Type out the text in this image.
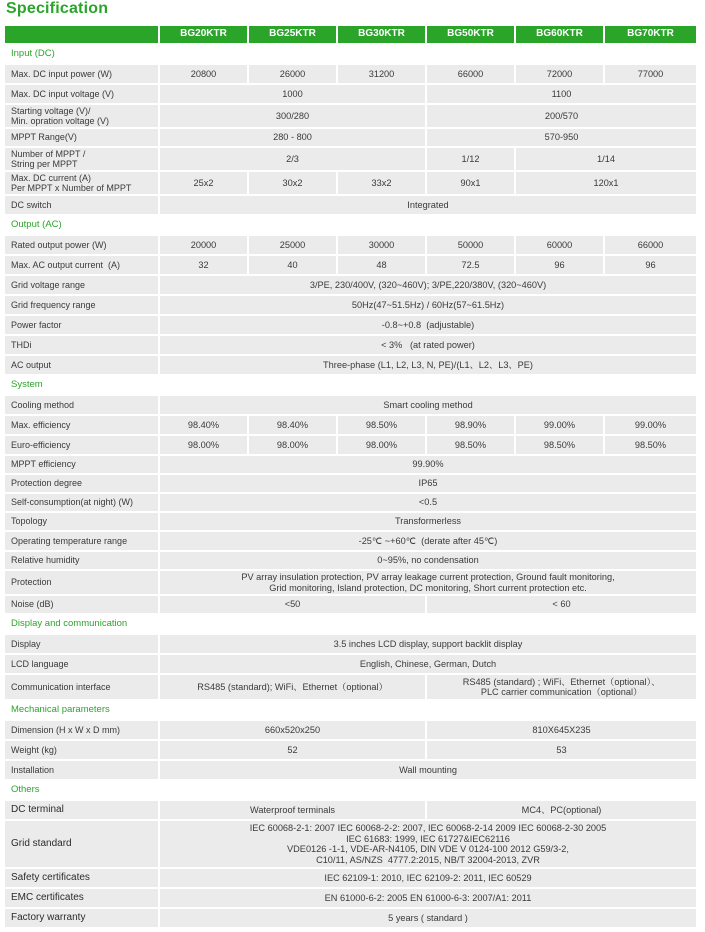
Specification
	BG20KTR	BG25KTR	BG30KTR	BG50KTR	BG60KTR	BG70KTR
Input (DC)						
Max. DC input power (W)	20800	26000	31200	66000	72000	77000
Max. DC input voltage (V)	1000			1100		
Starting voltage (V)/
Min. opration voltage (V)	300/280			200/570		
MPPT Range(V)	280 - 800			570-950		
Number of MPPT /
String per MPPT	2/3			1/12	1/14	
Max. DC current (A)
Per MPPT x Number of MPPT	25x2	30x2	33x2	90x1	120x1	
DC switch	Integrated					
Output (AC)						
Rated output power (W)	20000	25000	30000	50000	60000	66000
Max. AC output current  (A)	32	40	48	72.5	96	96
Grid voltage range	3/PE, 230/400V, (320~460V); 3/PE,220/380V, (320~460V)					
Grid frequency range	50Hz(47~51.5Hz) / 60Hz(57~61.5Hz)					
Power factor	-0.8~+0.8  (adjustable)					
THDi	< 3%   (at rated power)					
AC output	Three-phase (L1, L2, L3, N, PE)/(L1、L2、L3、PE)					
System						
Cooling method	Smart cooling method					
Max. efficiency	98.40%	98.40%	98.50%	98.90%	99.00%	99.00%
Euro-efficiency	98.00%	98.00%	98.00%	98.50%	98.50%	98.50%
MPPT efficiency	99.90%					
Protection degree	IP65					
Self-consumption(at night) (W)	<0.5					
Topology	Transformerless					
Operating temperature range	-25℃ ~+60℃  (derate after 45℃)					
Relative humidity	0~95%, no condensation					
Protection	PV array insulation protection, PV array leakage current protection, Ground fault monitoring,
Grid monitoring, Island protection, DC monitoring, Short current protection etc.					
Noise (dB)	<50			< 60		
Display and communication						
Display	3.5 inches LCD display, support backlit display					
LCD language	English, Chinese, German, Dutch					
Communication interface	RS485 (standard); WiFi、Ethernet（optional）			RS485 (standard) ; WiFi、Ethernet（optional）、
PLC carrier communication（optional）		
Mechanical parameters						
Dimension (H x W x D mm)	660x520x250			810X645X235		
Weight (kg)	52			53		
Installation	Wall mounting					
Others						
DC terminal	Waterproof terminals			MC4、PC(optional)		
Grid standard	IEC 60068-2-1: 2007 IEC 60068-2-2: 2007, IEC 60068-2-14 2009 IEC 60068-2-30 2005
IEC 61683: 1999, IEC 61727&IEC62116
VDE0126 -1-1, VDE-AR-N4105, DIN VDE V 0124-100 2012 G59/3-2,
C10/11, AS/NZS  4777.2:2015, NB/T 32004-2013, ZVR					
Safety certificates	IEC 62109-1: 2010, IEC 62109-2: 2011, IEC 60529					
EMC certificates	EN 61000-6-2: 2005 EN 61000-6-3: 2007/A1: 2011					
Factory warranty	5 years ( standard )					
